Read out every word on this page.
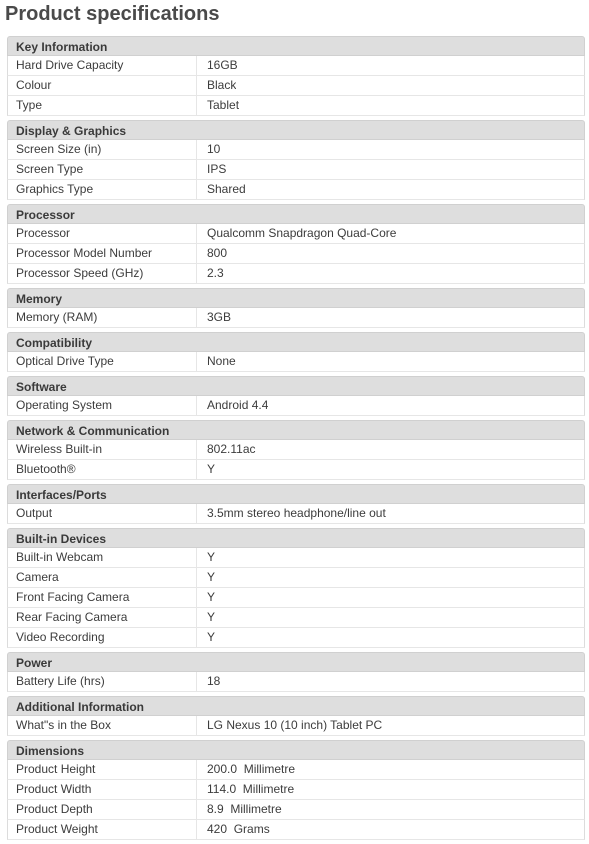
Product specifications
Key Information
Hard Drive Capacity	16GB
Colour	Black
Type	Tablet
Display & Graphics
Screen Size (in)	10
Screen Type	IPS
Graphics Type	Shared
Processor
Processor	Qualcomm Snapdragon Quad-Core
Processor Model Number	800
Processor Speed (GHz)	2.3
Memory
Memory (RAM)	3GB
Compatibility
Optical Drive Type	None
Software
Operating System	Android 4.4
Network & Communication
Wireless Built-in	802.11ac
Bluetooth®	Y
Interfaces/Ports
Output	3.5mm stereo headphone/line out
Built-in Devices
Built-in Webcam	Y
Camera	Y
Front Facing Camera	Y
Rear Facing Camera	Y
Video Recording	Y
Power
Battery Life (hrs)	18
Additional Information
What"s in the Box	LG Nexus 10 (10 inch) Tablet PC
Dimensions
Product Height	200.0  Millimetre
Product Width	114.0  Millimetre
Product Depth	8.9  Millimetre
Product Weight	420  Grams
